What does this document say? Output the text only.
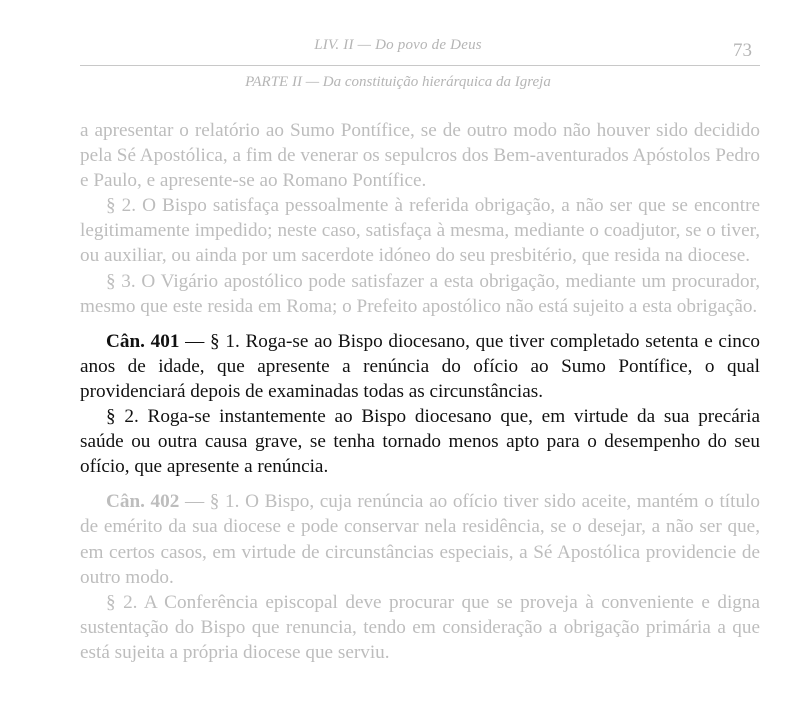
LIV. II — Do povo de Deus	73
PARTE II — Da constituição hierárquica da Igreja

a apresentar o relatório ao Sumo Pontífice, se de outro modo não houver sido decidido pela Sé Apostólica, a fim de venerar os sepulcros dos Bem-aventurados Apóstolos Pedro e Paulo, e apresente-se ao Romano Pontífice.

§ 2. O Bispo satisfaça pessoalmente à referida obrigação, a não ser que se encontre legitimamente impedido; neste caso, satisfaça à mesma, mediante o coadjutor, se o tiver, ou auxiliar, ou ainda por um sacerdote idóneo do seu presbitério, que resida na diocese.

§ 3. O Vigário apostólico pode satisfazer a esta obrigação, mediante um procurador, mesmo que este resida em Roma; o Prefeito apostólico não está sujeito a esta obrigação.

Cân. 401 — § 1. Roga-se ao Bispo diocesano, que tiver completado setenta e cinco anos de idade, que apresente a renúncia do ofício ao Sumo Pontífice, o qual providenciará depois de examinadas todas as circunstâncias.

§ 2. Roga-se instantemente ao Bispo diocesano que, em virtude da sua precária saúde ou outra causa grave, se tenha tornado menos apto para o desempenho do seu ofício, que apresente a renúncia.

Cân. 402 — § 1. O Bispo, cuja renúncia ao ofício tiver sido aceite, mantém o título de emérito da sua diocese e pode conservar nela residência, se o desejar, a não ser que, em certos casos, em virtude de circunstâncias especiais, a Sé Apostólica providencie de outro modo.

§ 2. A Conferência episcopal deve procurar que se proveja à conveniente e digna sustentação do Bispo que renuncia, tendo em consideração a obrigação primária a que está sujeita a própria diocese que serviu.
